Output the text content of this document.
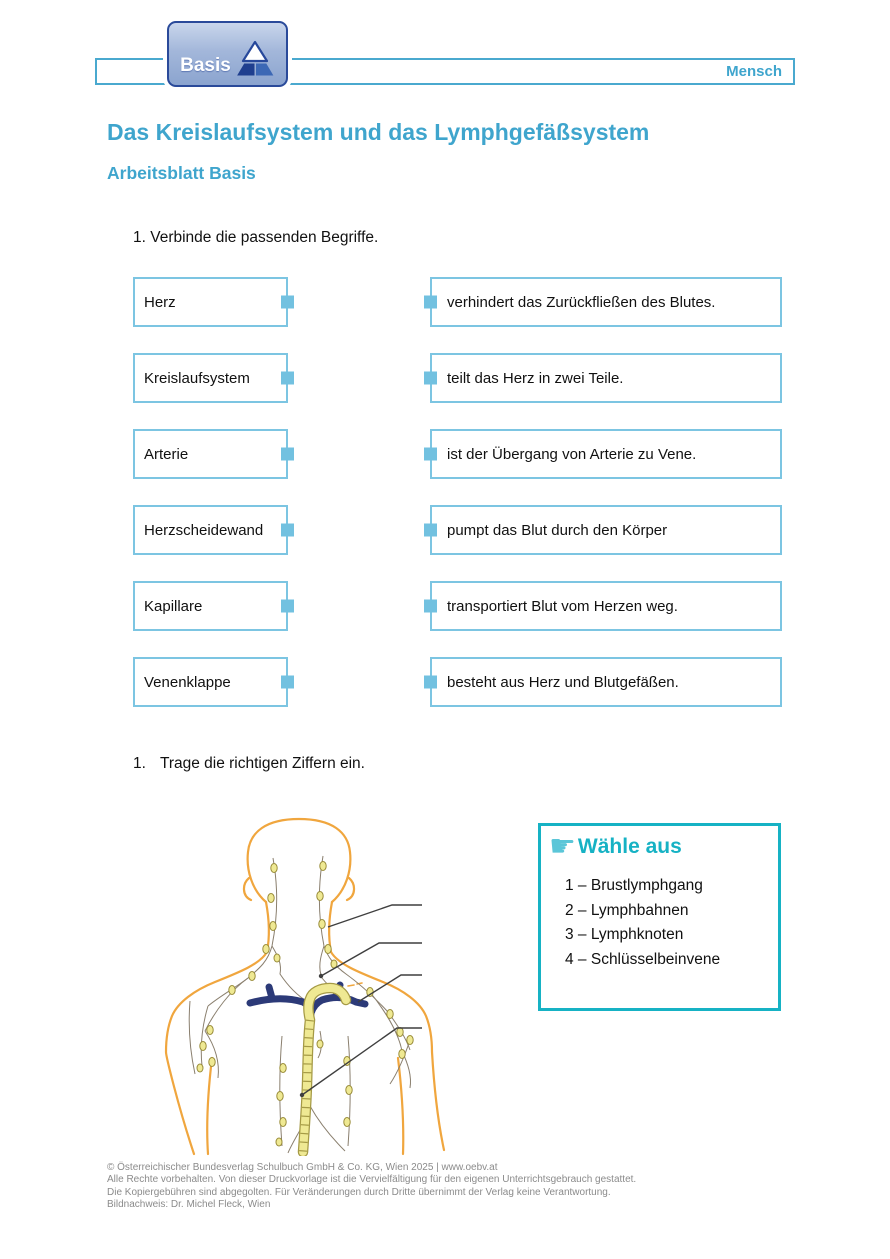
Mensch
Basis
Das Kreislaufsystem und das Lymphgefäßsystem
Arbeitsblatt Basis
1. Verbinde die passenden Begriffe.
Herz	verhindert das Zurückfließen des Blutes.
Kreislaufsystem	teilt das Herz in zwei Teile.
Arterie	ist der Übergang von Arterie zu Vene.
Herzscheidewand	pumpt das Blut durch den Körper
Kapillare	transportiert Blut vom Herzen weg.
Venenklappe	besteht aus Herz und Blutgefäßen.
1. Trage die richtigen Ziffern ein.
☛ Wähle aus
1 – Brustlymphgang
2 – Lymphbahnen
3 – Lymphknoten
4 – Schlüsselbeinvene
© Österreichischer Bundesverlag Schulbuch GmbH & Co. KG, Wien 2025 | www.oebv.at
Alle Rechte vorbehalten. Von dieser Druckvorlage ist die Vervielfältigung für den eigenen Unterrichtsgebrauch gestattet.
Die Kopiergebühren sind abgegolten. Für Veränderungen durch Dritte übernimmt der Verlag keine Verantwortung.
Bildnachweis: Dr. Michel Fleck, Wien
